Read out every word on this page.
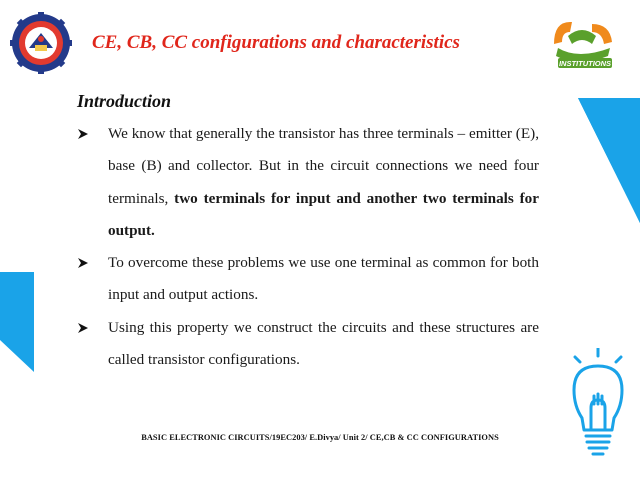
CE, CB, CC configurations and characteristics
INSTITUTIONS
Introduction

We know that generally the transistor has three terminals – emitter (E), base (B) and collector. But in the circuit connections we need four terminals, two terminals for input and another two terminals for output.

To overcome these problems we use one terminal as common for both input and output actions.

Using this property we construct the circuits and these structures are called transistor configurations.

BASIC ELECTRONIC CIRCUITS/19EC203/ E.Divya/ Unit 2/ CE,CB & CC CONFIGURATIONS
